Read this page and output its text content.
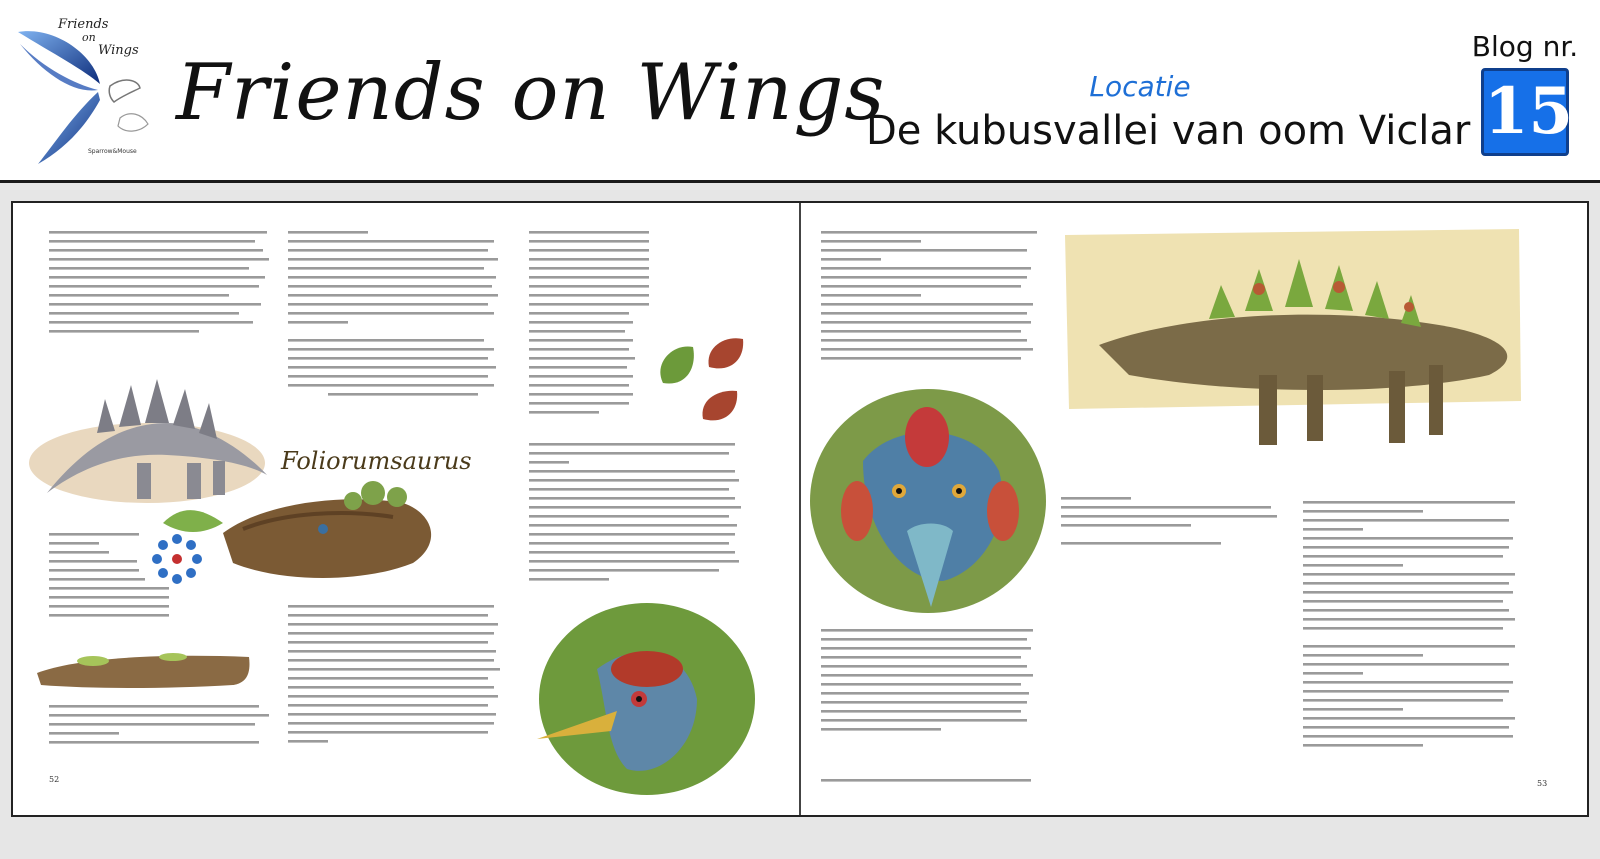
Friends
on
Wings
Sparrow&Mouse
Friends on Wings	Locatie
De kubusvallei van oom Viclar
Blog nr.
15
Foliorumsaurus
52	53
